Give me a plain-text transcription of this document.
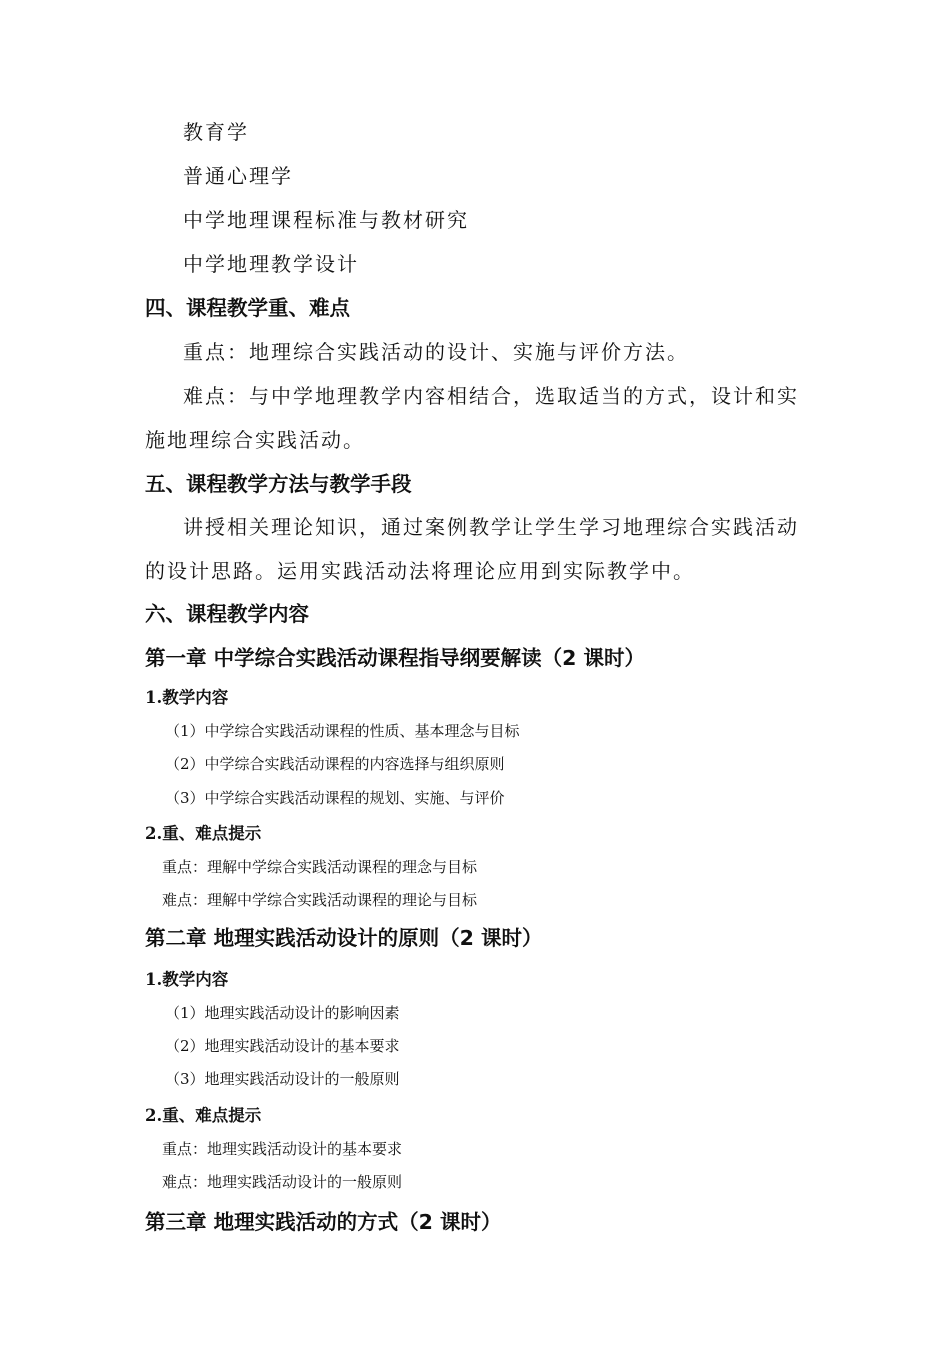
教育学
普通心理学
中学地理课程标准与教材研究
中学地理教学设计
四、课程教学重、难点
重点：地理综合实践活动的设计、实施与评价方法。
难点：与中学地理教学内容相结合，选取适当的方式，设计和实
施地理综合实践活动。
五、课程教学方法与教学手段
讲授相关理论知识，通过案例教学让学生学习地理综合实践活动
的设计思路。运用实践活动法将理论应用到实际教学中。
六、课程教学内容
第一章 中学综合实践活动课程指导纲要解读（2 课时）
1.教学内容
（1）中学综合实践活动课程的性质、基本理念与目标
（2）中学综合实践活动课程的内容选择与组织原则
（3）中学综合实践活动课程的规划、实施、与评价
2.重、难点提示
重点：理解中学综合实践活动课程的理念与目标
难点：理解中学综合实践活动课程的理论与目标
第二章 地理实践活动设计的原则（2 课时）
1.教学内容
（1）地理实践活动设计的影响因素
（2）地理实践活动设计的基本要求
（3）地理实践活动设计的一般原则
2.重、难点提示
重点：地理实践活动设计的基本要求
难点：地理实践活动设计的一般原则
第三章 地理实践活动的方式（2 课时）
